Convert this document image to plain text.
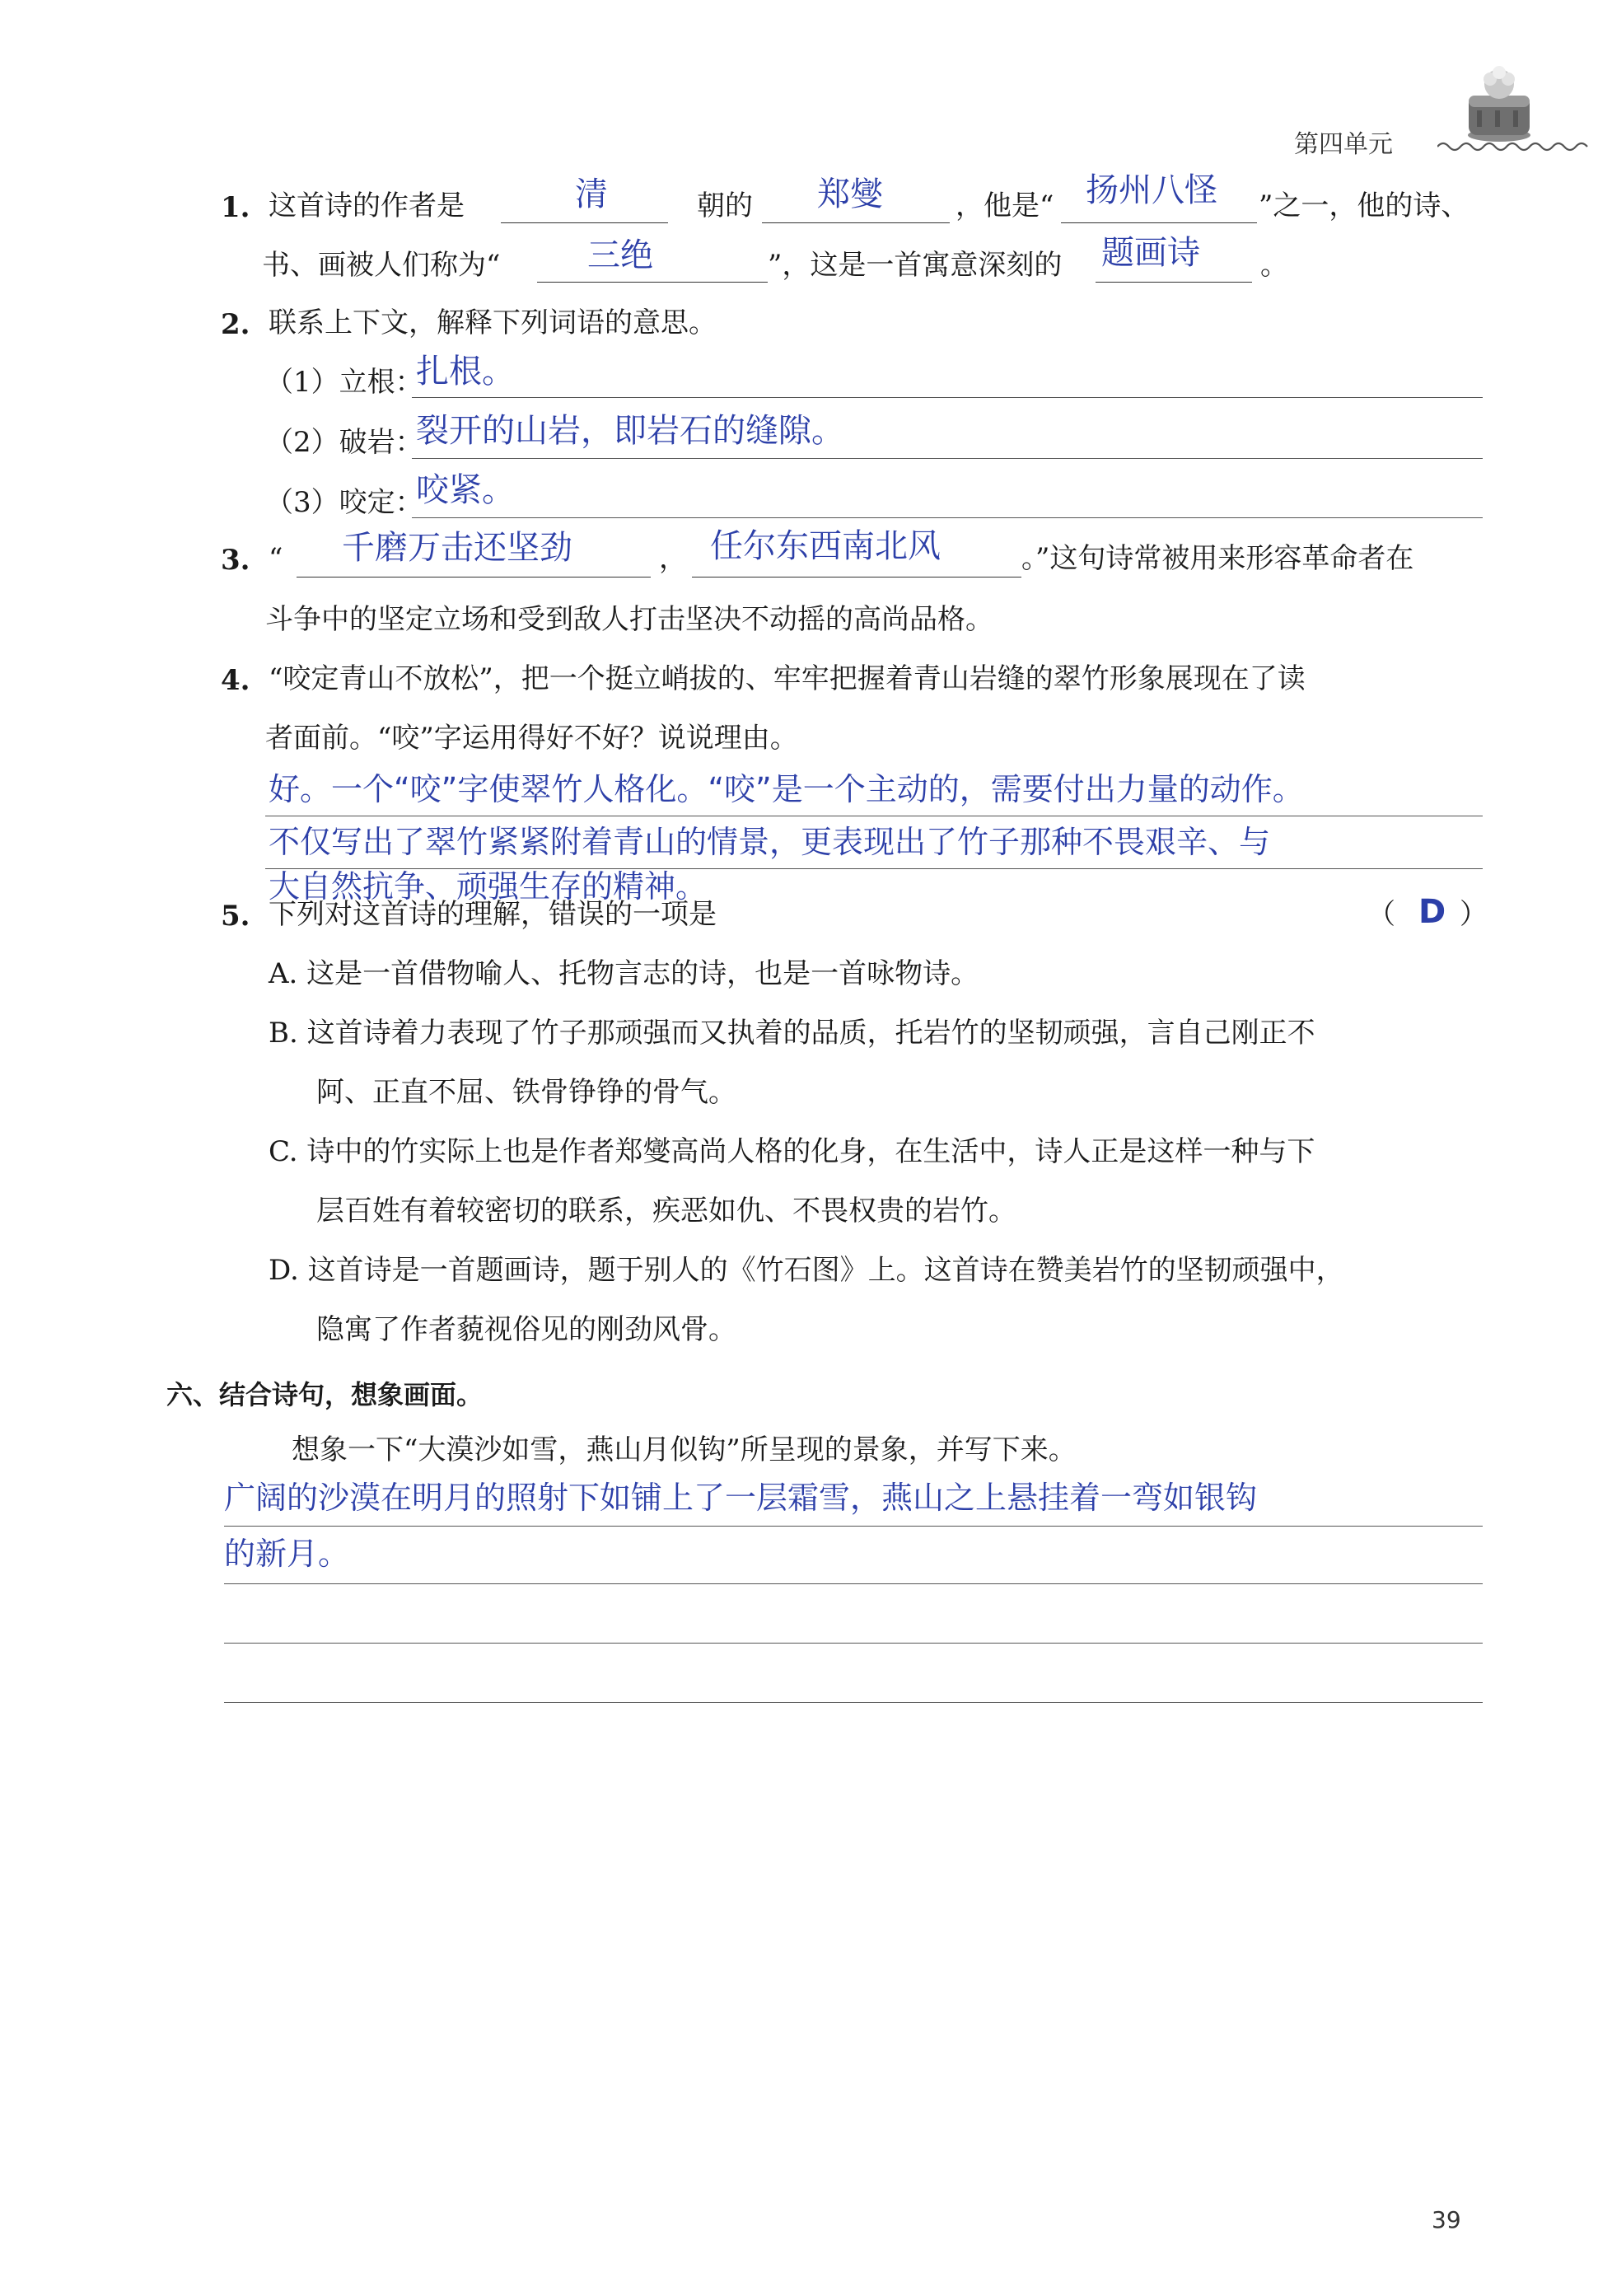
第四单元
1. 这首诗的作者是	清	朝的 郑燮	，他是“ 扬州八怪 ”之一，他的诗、
书、画被人们称为“	三绝	”，这是一首寓意深刻的 题画诗 。
2. 联系上下文，解释下列词语的意思。
（1）立根：
扎根。
（2）破岩：
裂开的山岩，即岩石的缝隙。
（3）咬定：
咬紧。
3. “ 千磨万击还坚劲	， 任尔东西南北风	。”这句诗常被用来形容革命者在
斗争中的坚定立场和受到敌人打击坚决不动摇的高尚品格。
4. “咬定青山不放松”，把一个挺立峭拔的、牢牢把握着青山岩缝的翠竹形象展现在了读
者面前。“咬”字运用得好不好？说说理由。
好。一个“咬”字使翠竹人格化。“咬”是一个主动的，需要付出力量的动作。
不仅写出了翠竹紧紧附着青山的情景，更表现出了竹子那种不畏艰辛、与
大自然抗争、顽强生存的精神。
5. 下列对这首诗的理解，错误的一项是	（ D ）
A. 这是一首借物喻人、托物言志的诗，也是一首咏物诗。
B. 这首诗着力表现了竹子那顽强而又执着的品质，托岩竹的坚韧顽强，言自己刚正不
阿、正直不屈、铁骨铮铮的骨气。
C. 诗中的竹实际上也是作者郑燮高尚人格的化身，在生活中，诗人正是这样一种与下
层百姓有着较密切的联系，疾恶如仇、不畏权贵的岩竹。
D. 这首诗是一首题画诗，题于别人的《竹石图》上。这首诗在赞美岩竹的坚韧顽强中，
隐寓了作者藐视俗见的刚劲风骨。
六、结合诗句，想象画面。
想象一下“大漠沙如雪，燕山月似钩”所呈现的景象，并写下来。
广阔的沙漠在明月的照射下如铺上了一层霜雪，燕山之上悬挂着一弯如银钩
的新月。
39
